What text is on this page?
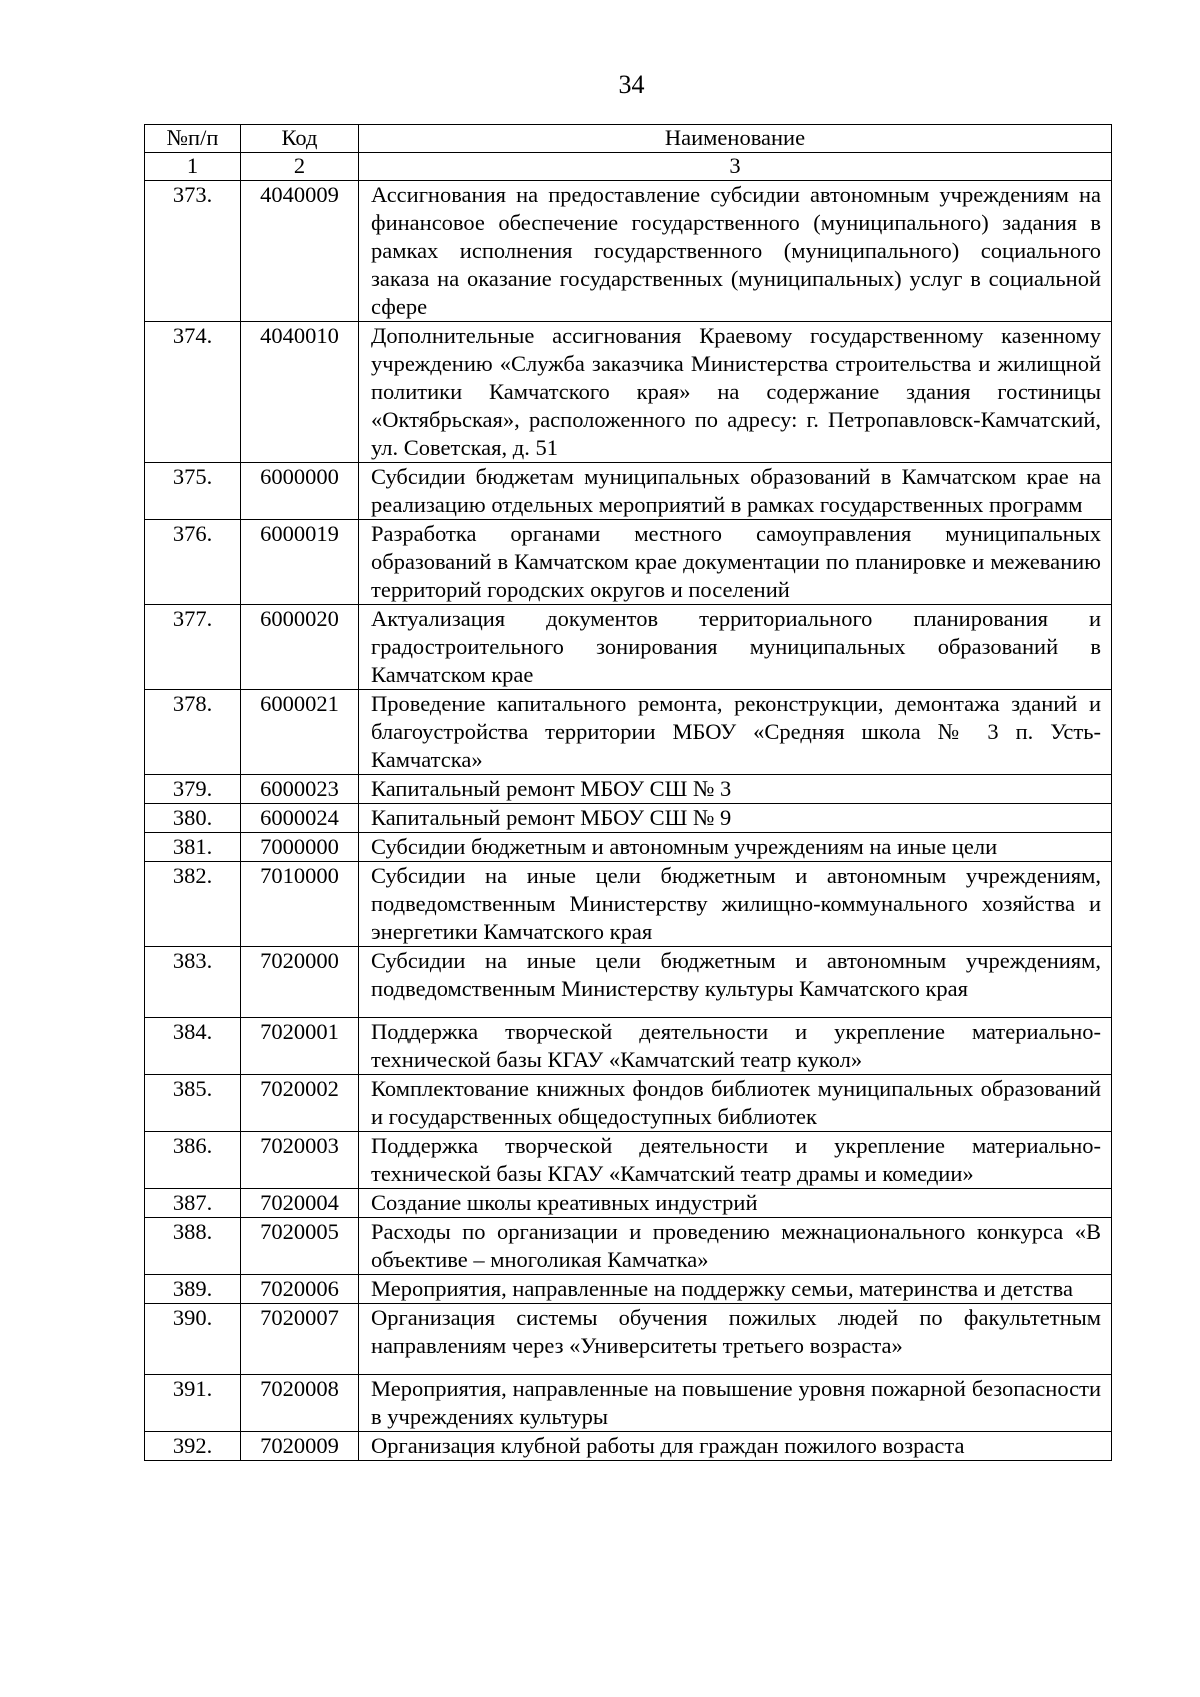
34
№п/п	Код	Наименование
1	2	3
373.	4040009	Ассигнования на предоставление субсидии автономным учреждениям на финансовое обеспечение государственного (муниципального) задания в рамках исполнения государственного (муниципального) социального заказа на оказание государственных (муниципальных) услуг в социальной сфере
374.	4040010	Дополнительные ассигнования Краевому государственному казенному учреждению «Служба заказчика Министерства строительства и жилищной политики Камчатского края» на содержание здания гостиницы «Октябрьская», расположенного по адресу: г. Петропавловск-Камчатский, ул. Советская, д. 51
375.	6000000	Субсидии бюджетам муниципальных образований в Камчатском крае на реализацию отдельных мероприятий в рамках государственных программ
376.	6000019	Разработка органами местного самоуправления муниципальных образований в Камчатском крае документации по планировке и межеванию территорий городских округов и поселений
377.	6000020	Актуализация документов территориального планирования и градостроительного зонирования муниципальных образований в Камчатском крае
378.	6000021	Проведение капитального ремонта, реконструкции, демонтажа зданий и благоустройства территории МБОУ «Средняя школа № 3 п. Усть-Камчатска»
379.	6000023	Капитальный ремонт МБОУ СШ № 3
380.	6000024	Капитальный ремонт МБОУ СШ № 9
381.	7000000	Субсидии бюджетным и автономным учреждениям на иные цели
382.	7010000	Субсидии на иные цели бюджетным и автономным учреждениям, подведомственным Министерству жилищно-коммунального хозяйства и энергетики Камчатского края
383.	7020000	Субсидии на иные цели бюджетным и автономным учреждениям, подведомственным Министерству культуры Камчатского края
384.	7020001	Поддержка творческой деятельности и укрепление материально-технической базы КГАУ «Камчатский театр кукол»
385.	7020002	Комплектование книжных фондов библиотек муниципальных образований и государственных общедоступных библиотек
386.	7020003	Поддержка творческой деятельности и укрепление материально-технической базы КГАУ «Камчатский театр драмы и комедии»
387.	7020004	Создание школы креативных индустрий
388.	7020005	Расходы по организации и проведению межнационального конкурса «В объективе – многоликая Камчатка»
389.	7020006	Мероприятия, направленные на поддержку семьи, материнства и детства
390.	7020007	Организация системы обучения пожилых людей по факультетным направлениям через «Университеты третьего возраста»
391.	7020008	Мероприятия, направленные на повышение уровня пожарной безопасности в учреждениях культуры
392.	7020009	Организация клубной работы для граждан пожилого возраста
